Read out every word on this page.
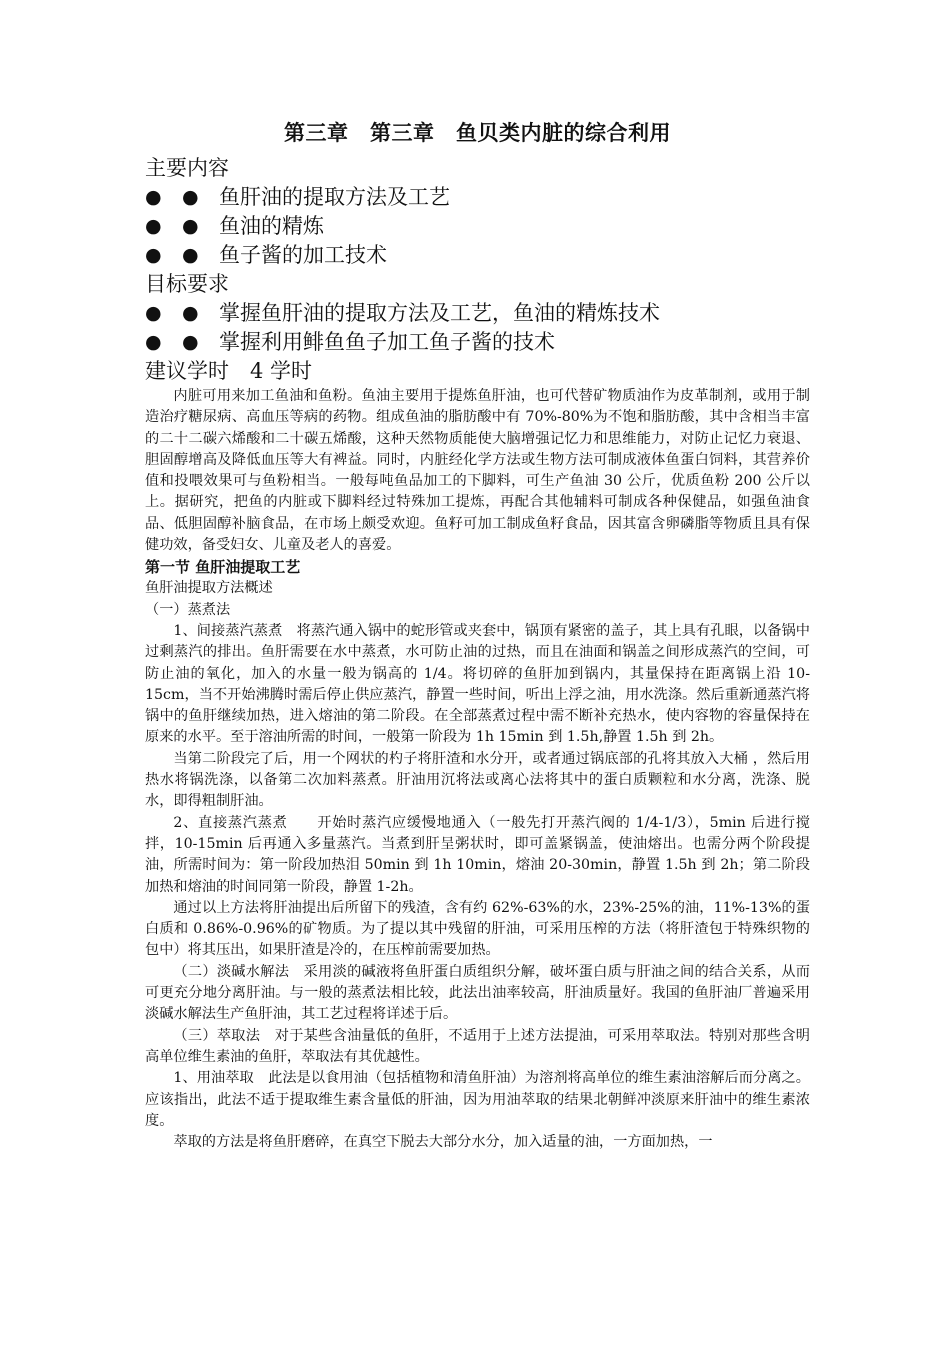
第三章　第三章　鱼贝类内脏的综合利用
主要内容
●	● 鱼肝油的提取方法及工艺
●	● 鱼油的精炼
●	● 鱼子酱的加工技术
目标要求
●	● 掌握鱼肝油的提取方法及工艺，鱼油的精炼技术
●	● 掌握利用鲱鱼鱼子加工鱼子酱的技术
建议学时　4 学时

内脏可用来加工鱼油和鱼粉。鱼油主要用于提炼鱼肝油，也可代替矿物质油作为皮革制剂，或用于制造治疗糖尿病、高血压等病的药物。组成鱼油的脂肪酸中有 70%-80%为不饱和脂肪酸，其中含相当丰富的二十二碳六烯酸和二十碳五烯酸，这种天然物质能使大脑增强记忆力和思维能力，对防止记忆力衰退、胆固醇增高及降低血压等大有裨益。同时，内脏经化学方法或生物方法可制成液体鱼蛋白饲料，其营养价值和投喂效果可与鱼粉相当。一般每吨鱼品加工的下脚料，可生产鱼油 30 公斤，优质鱼粉 200 公斤以上。据研究，把鱼的内脏或下脚料经过特殊加工提炼，再配合其他辅料可制成各种保健品，如强鱼油食品、低胆固醇补脑食品，在市场上颇受欢迎。鱼籽可加工制成鱼籽食品，因其富含卵磷脂等物质且具有保健功效，备受妇女、儿童及老人的喜爱。

第一节 鱼肝油提取工艺

鱼肝油提取方法概述

（一）蒸煮法

1、间接蒸汽蒸煮　将蒸汽通入锅中的蛇形管或夹套中，锅顶有紧密的盖子，其上具有孔眼，以备锅中过剩蒸汽的排出。鱼肝需要在水中蒸煮，水可防止油的过热，而且在油面和锅盖之间形成蒸汽的空间，可防止油的氧化，加入的水量一般为锅高的 1/4。将切碎的鱼肝加到锅内，其量保持在距离锅上沿 10-15cm，当不开始沸腾时需后停止供应蒸汽，静置一些时间，听出上浮之油，用水洗涤。然后重新通蒸汽将锅中的鱼肝继续加热，进入熔油的第二阶段。在全部蒸煮过程中需不断补充热水，使内容物的容量保持在原来的水平。至于溶油所需的时间，一般第一阶段为 1h 15min 到 1.5h,静置 1.5h 到 2h。

当第二阶段完了后，用一个网状的杓子将肝渣和水分开，或者通过锅底部的孔将其放入大桶 ，然后用热水将锅洗涤，以备第二次加料蒸煮。肝油用沉将法或离心法将其中的蛋白质颗粒和水分离，洗涤、脱水，即得粗制肝油。

2、直接蒸汽蒸煮　　开始时蒸汽应缓慢地通入（一般先打开蒸汽阀的 1/4-1/3），5min 后进行搅拌，10-15min 后再通入多量蒸汽。当煮到肝呈粥状时，即可盖紧锅盖，使油熔出。也需分两个阶段提油，所需时间为：第一阶段加热泪 50min 到 1h 10min，熔油 20-30min，静置 1.5h 到 2h；第二阶段加热和熔油的时间同第一阶段，静置 1-2h。

通过以上方法将肝油提出后所留下的残渣，含有约 62%-63%的水，23%-25%的油，11%-13%的蛋白质和 0.86%-0.96%的矿物质。为了提以其中残留的肝油，可采用压榨的方法（将肝渣包于特殊织物的包中）将其压出，如果肝渣是冷的，在压榨前需要加热。

（二）淡碱水解法　采用淡的碱液将鱼肝蛋白质组织分解，破坏蛋白质与肝油之间的结合关系，从而可更充分地分离肝油。与一般的蒸煮法相比较，此法出油率较高，肝油质量好。我国的鱼肝油厂普遍采用淡碱水解法生产鱼肝油，其工艺过程将详述于后。

（三）萃取法　对于某些含油量低的鱼肝，不适用于上述方法提油，可采用萃取法。特别对那些含明高单位维生素油的鱼肝，萃取法有其优越性。

1、用油萃取　此法是以食用油（包括植物和清鱼肝油）为溶剂将高单位的维生素油溶解后而分离之。应该指出，此法不适于提取维生素含量低的肝油，因为用油萃取的结果北朝鲜冲淡原来肝油中的维生素浓度。

萃取的方法是将鱼肝磨碎，在真空下脱去大部分水分，加入适量的油，一方面加热，一
